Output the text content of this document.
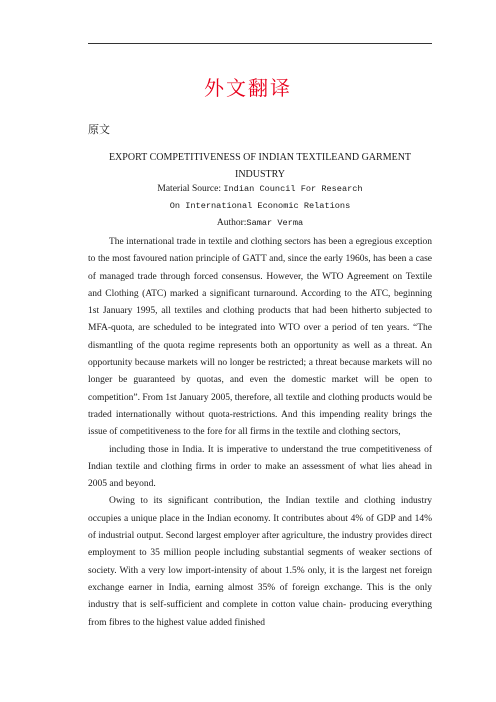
外文翻译
原文
EXPORT COMPETITIVENESS OF INDIAN TEXTILEAND GARMENT INDUSTRY
Material Source: Indian Council For Research
On International Economic Relations
Author:Samar Verma

The international trade in textile and clothing sectors has been a egregious exception to the most favoured nation principle of GATT and, since the early 1960s, has been a case of managed trade through forced consensus. However, the WTO Agreement on Textile and Clothing (ATC) marked a significant turnaround. According to the ATC, beginning 1st January 1995, all textiles and clothing products that had been hitherto subjected to MFA-quota, are scheduled to be integrated into WTO over a period of ten years. “The dismantling of the quota regime represents both an opportunity as well as a threat. An opportunity because markets will no longer be restricted; a threat because markets will no longer be guaranteed by quotas, and even the domestic market will be open to competition”. From 1st January 2005, therefore, all textile and clothing products would be traded internationally without quota-restrictions. And this impending reality brings the issue of competitiveness to the fore for all firms in the textile and clothing sectors,

including those in India. It is imperative to understand the true competitiveness of Indian textile and clothing firms in order to make an assessment of what lies ahead in 2005 and beyond.

Owing to its significant contribution, the Indian textile and clothing industry occupies a unique place in the Indian economy. It contributes about 4% of GDP and 14% of industrial output. Second largest employer after agriculture, the industry provides direct employment to 35 million people including substantial segments of weaker sections of society. With a very low import-intensity of about 1.5% only, it is the largest net foreign exchange earner in India, earning almost 35% of foreign exchange. This is the only industry that is self-sufficient and complete in cotton value chain- producing everything from fibres to the highest value added finished
